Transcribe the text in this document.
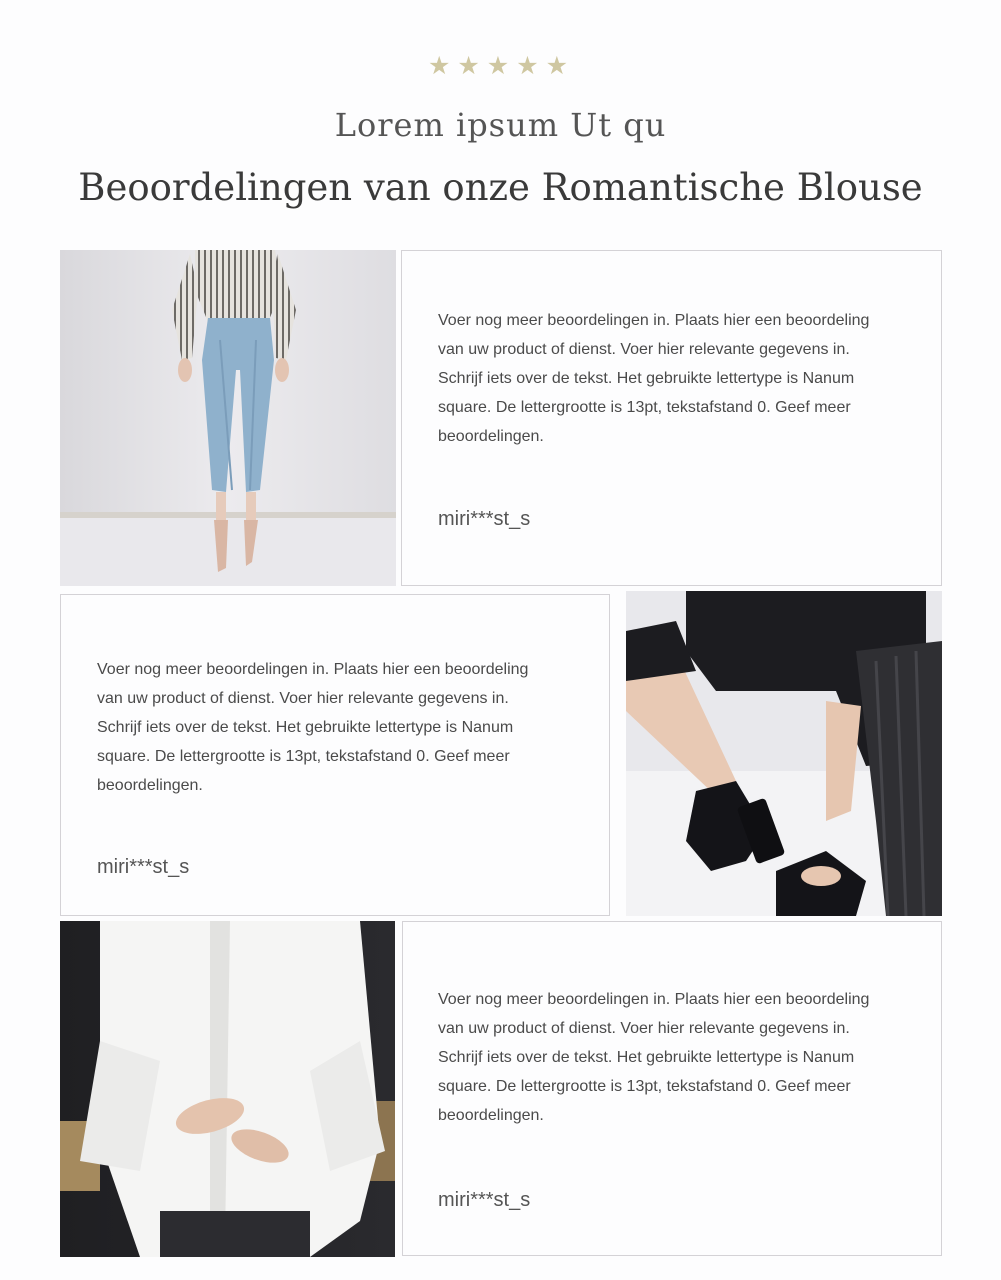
★★★★★
Lorem ipsum Ut qu
Beoordelingen van onze Romantische Blouse

Voer nog meer beoordelingen in. Plaats hier een beoordeling van uw product of dienst. Voer hier relevante gegevens in. Schrijf iets over de tekst. Het gebruikte lettertype is Nanum square. De lettergrootte is 13pt, tekstafstand 0. Geef meer beoordelingen.

miri***st_s

Voer nog meer beoordelingen in. Plaats hier een beoordeling van uw product of dienst. Voer hier relevante gegevens in. Schrijf iets over de tekst. Het gebruikte lettertype is Nanum square. De lettergrootte is 13pt, tekstafstand 0. Geef meer beoordelingen.

miri***st_s

Voer nog meer beoordelingen in. Plaats hier een beoordeling van uw product of dienst. Voer hier relevante gegevens in. Schrijf iets over de tekst. Het gebruikte lettertype is Nanum square. De lettergrootte is 13pt, tekstafstand 0. Geef meer beoordelingen.

miri***st_s
